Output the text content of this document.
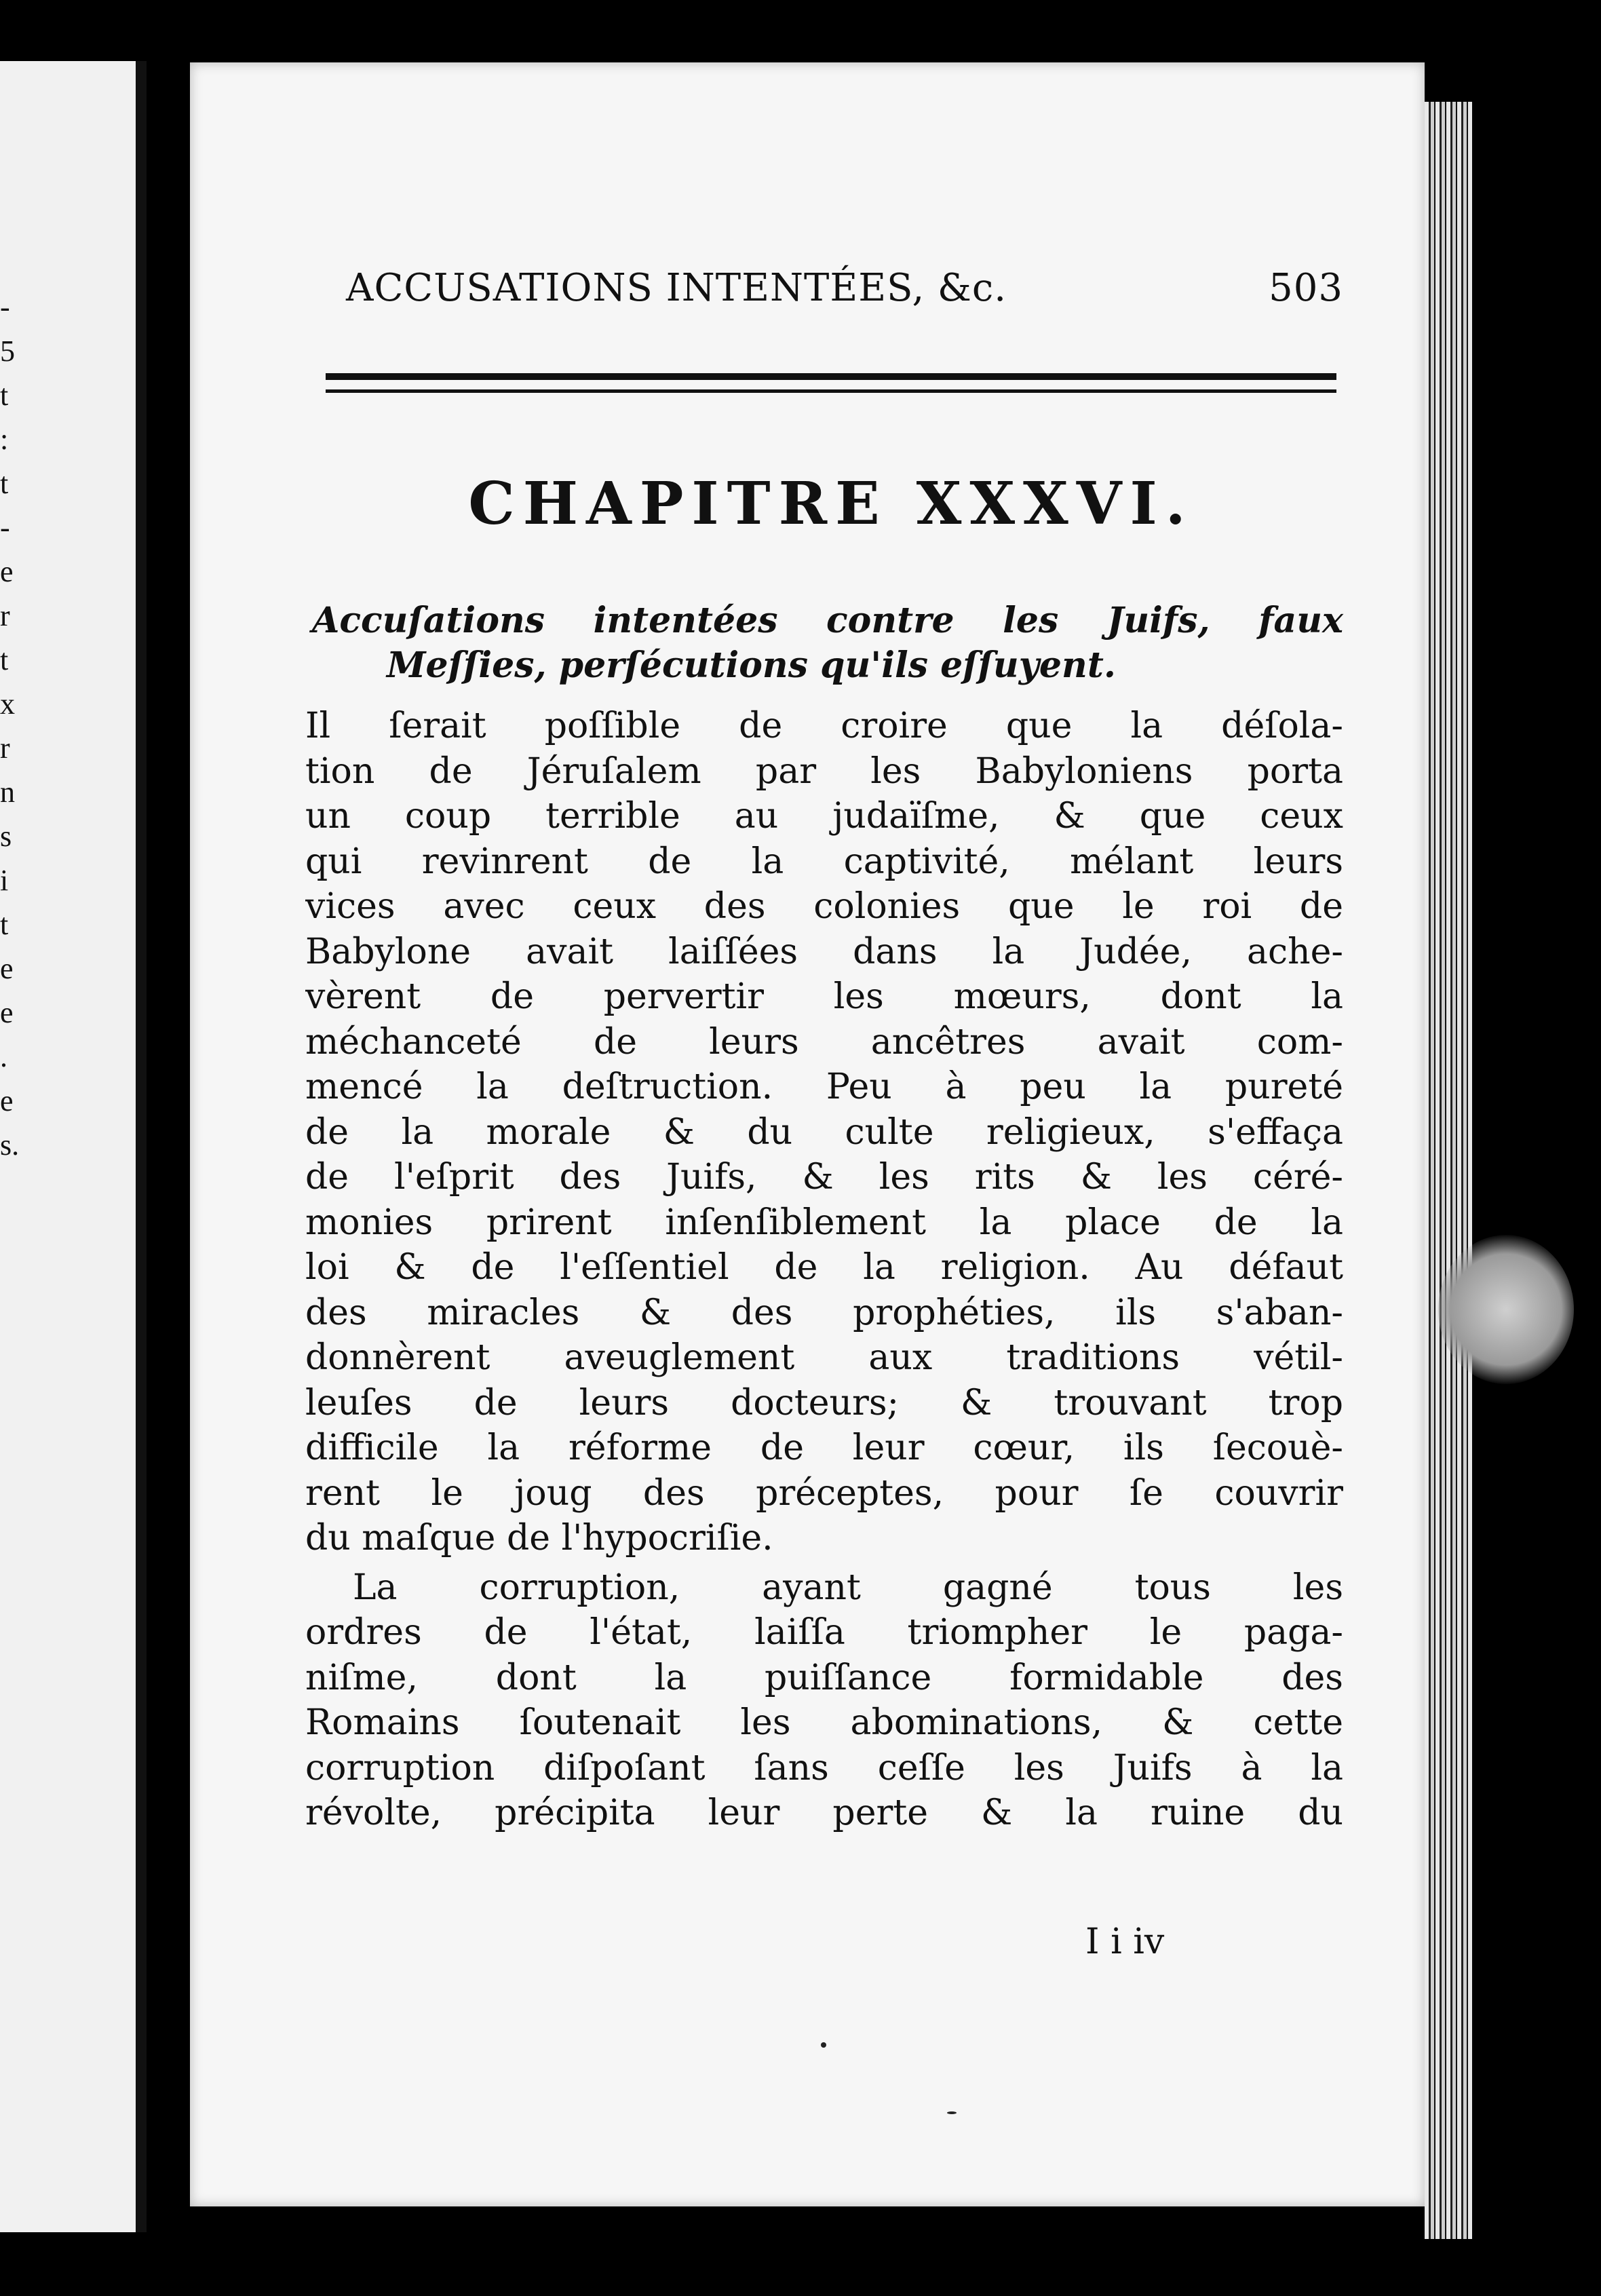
-
5
t
:
t
-
e
r
t
x
r
n
s
i
t
e
e
.
e
s.
ACCUSATIONS INTENTÉES, &c.	503
CHAPITRE XXXVI.
Accuſations intentées contre les Juifs, faux
Meſſies, perſécutions qu'ils eſſuyent.
Il ſerait poſſible de croire que la déſola-
tion de Jéruſalem par les Babyloniens porta
un coup terrible au judaïſme, & que ceux
qui revinrent de la captivité, mélant leurs
vices avec ceux des colonies que le roi de
Babylone avait laiſſées dans la Judée, ache-
vèrent de pervertir les mœurs, dont la
méchanceté de leurs ancêtres avait com-
mencé la deſtruction. Peu à peu la pureté
de la morale & du culte religieux, s'effaça
de l'eſprit des Juifs, & les rits & les céré-
monies prirent inſenſiblement la place de la
loi & de l'eſſentiel de la religion. Au défaut
des miracles & des prophéties, ils s'aban-
donnèrent aveuglement aux traditions vétil-
leuſes de leurs docteurs; & trouvant trop
difficile la réforme de leur cœur, ils ſecouè-
rent le joug des préceptes, pour ſe couvrir
du maſque de l'hypocriſie.
La corruption, ayant gagné tous les
ordres de l'état, laiſſa triompher le paga-
niſme, dont la puiſſance formidable des
Romains ſoutenait les abominations, & cette
corruption diſpoſant ſans ceſſe les Juifs à la
révolte, précipita leur perte & la ruine du
I i iv
